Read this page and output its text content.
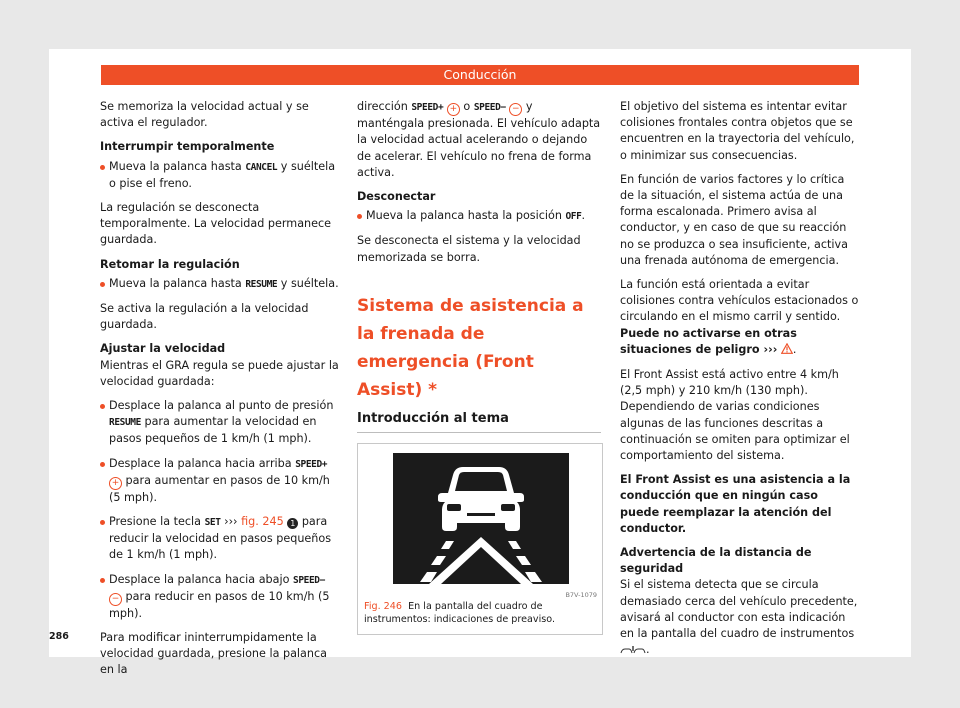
Conducción

Se memoriza la velocidad actual y se activa el regulador.

Interrumpir temporalmente

Mueva la palanca hasta CANCEL y suéltela o pise el freno.

La regulación se desconecta temporalmente. La velocidad permanece guardada.

Retomar la regulación

Mueva la palanca hasta RESUME y suéltela.

Se activa la regulación a la velocidad guardada.

Ajustar la velocidad

Mientras el GRA regula se puede ajustar la velocidad guardada:

Desplace la palanca al punto de presión RESUME para aumentar la velocidad en pasos pequeños de 1 km/h (1 mph).

Desplace la palanca hacia arriba SPEED+ + para aumentar en pasos de 10 km/h (5 mph).

Presione la tecla SET ››› fig. 245 1 para reducir la velocidad en pasos pequeños de 1 km/h (1 mph).

Desplace la palanca hacia abajo SPEED− − para reducir en pasos de 10 km/h (5 mph).

Para modificar ininterrumpidamente la velocidad guardada, presione la palanca en la

dirección SPEED+ + o SPEED− − y manténgala presionada. El vehículo adapta la velocidad actual acelerando o dejando de acelerar. El vehículo no frena de forma activa.

Desconectar

Mueva la palanca hasta la posición OFF.

Se desconecta el sistema y la velocidad memorizada se borra.

Sistema de asistencia a la frenada de emergencia (Front Assist) *

Introducción al tema

B7V-1079
Fig. 246 En la pantalla del cuadro de instrumentos: indicaciones de preaviso.

El objetivo del sistema es intentar evitar colisiones frontales contra objetos que se encuentren en la trayectoria del vehículo, o minimizar sus consecuencias.

En función de varios factores y lo crítica de la situación, el sistema actúa de una forma escalonada. Primero avisa al conductor, y en caso de que su reacción no se produzca o sea insuficiente, activa una frenada autónoma de emergencia.

La función está orientada a evitar colisiones contra vehículos estacionados o circulando en el mismo carril y sentido. Puede no activarse en otras situaciones de peligro ››› .

El Front Assist está activo entre 4 km/h (2,5 mph) y 210 km/h (130 mph). Dependiendo de varias condiciones algunas de las funciones descritas a continuación se omiten para optimizar el comportamiento del sistema.

El Front Assist es una asistencia a la conducción que en ningún caso puede reemplazar la atención del conductor.

Advertencia de la distancia de seguridad

Si el sistema detecta que se circula demasiado cerca del vehículo precedente, avisará al conductor con esta indicación en la pantalla del cuadro de instrumentos .

286
